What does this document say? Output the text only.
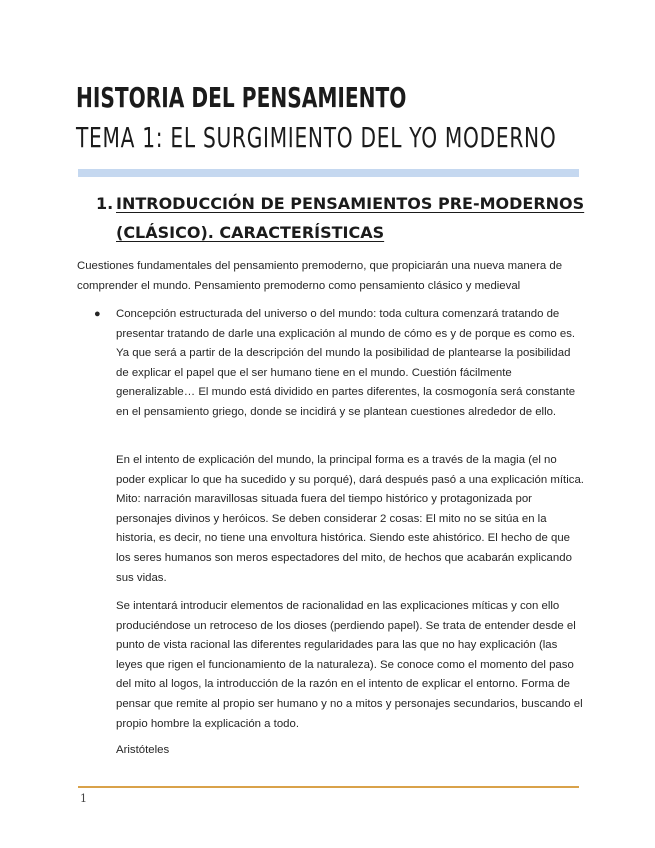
HISTORIA DEL PENSAMIENTO
TEMA 1: EL SURGIMIENTO DEL YO MODERNO
1. INTRODUCCIÓN DE PENSAMIENTOS PRE-MODERNOS (CLÁSICO). CARACTERÍSTICAS
Cuestiones fundamentales del pensamiento premoderno, que propiciarán una nueva manera de comprender el mundo. Pensamiento premoderno como pensamiento clásico y medieval
● Concepción estructurada del universo o del mundo: toda cultura comenzará tratando de presentar tratando de darle una explicación al mundo de cómo es y de porque es como es. Ya que será a partir de la descripción del mundo la posibilidad de plantearse la posibilidad de explicar el papel que el ser humano tiene en el mundo. Cuestión fácilmente generalizable… El mundo está dividido en partes diferentes, la cosmogonía será constante en el pensamiento griego, donde se incidirá y se plantean cuestiones alrededor de ello.
En el intento de explicación del mundo, la principal forma es a través de la magia (el no poder explicar lo que ha sucedido y su porqué), dará después pasó a una explicación mítica. Mito: narración maravillosas situada fuera del tiempo histórico y protagonizada por personajes divinos y heróicos. Se deben considerar 2 cosas: El mito no se sitúa en la historia, es decir, no tiene una envoltura histórica. Siendo este ahistórico. El hecho de que los seres humanos son meros espectadores del mito, de hechos que acabarán explicando sus vidas.
Se intentará introducir elementos de racionalidad en las explicaciones míticas y con ello produciéndose un retroceso de los dioses (perdiendo papel). Se trata de entender desde el punto de vista racional las diferentes regularidades para las que no hay explicación (las leyes que rigen el funcionamiento de la naturaleza). Se conoce como el momento del paso del mito al logos, la introducción de la razón en el intento de explicar el entorno. Forma de pensar que remite al propio ser humano y no a mitos y personajes secundarios, buscando el propio hombre la explicación a todo.
Aristóteles
1
